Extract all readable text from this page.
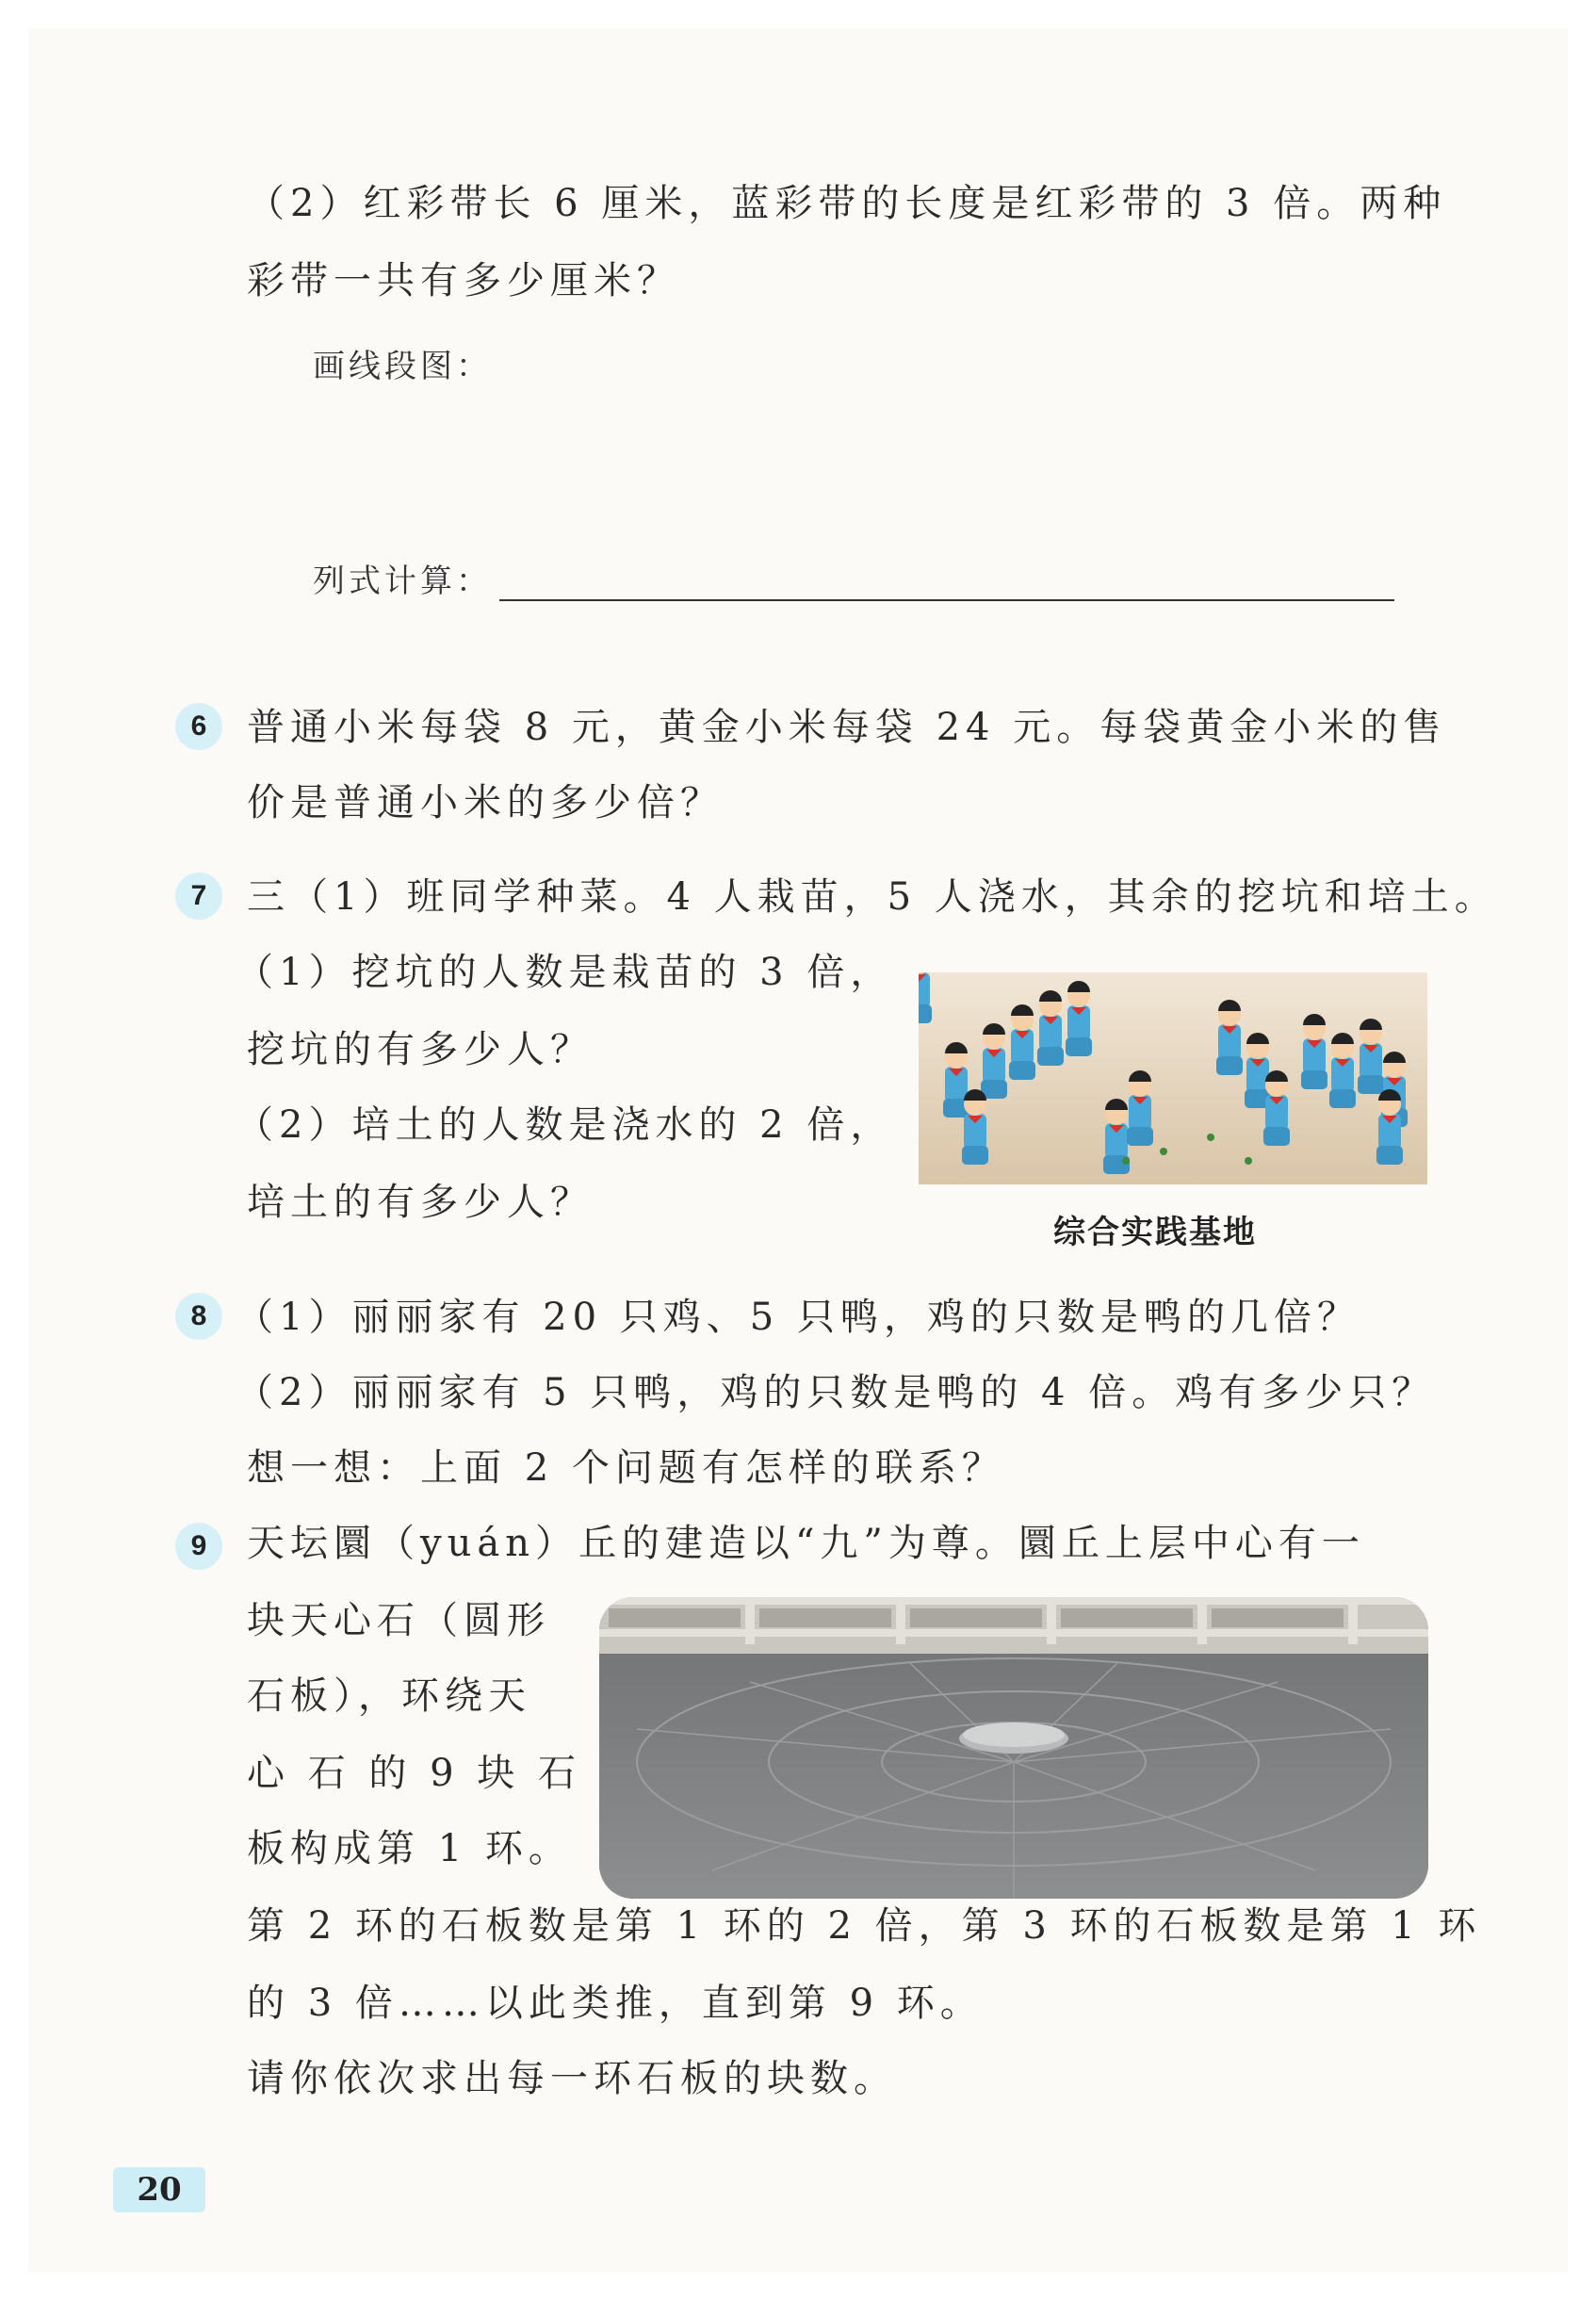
（2）红彩带长 6 厘米，蓝彩带的长度是红彩带的 3 倍。两种
彩带一共有多少厘米？
画线段图：
列式计算：
6	普通小米每袋 8 元，黄金小米每袋 24 元。每袋黄金小米的售
价是普通小米的多少倍？
7	三（1）班同学种菜。4 人栽苗，5 人浇水，其余的挖坑和培土。
（1）挖坑的人数是栽苗的 3 倍，
挖坑的有多少人？
（2）培土的人数是浇水的 2 倍，
培土的有多少人？
综合实践基地
8 （1）丽丽家有 20 只鸡、5 只鸭，鸡的只数是鸭的几倍？
（2）丽丽家有 5 只鸭，鸡的只数是鸭的 4 倍。鸡有多少只？
想一想：上面 2 个问题有怎样的联系？
9	天坛圜（yuán）丘的建造以“九”为尊。圜丘上层中心有一
块天心石（圆形
石板），环绕天
心 石 的 9 块 石
板构成第 1 环。
第 2 环的石板数是第 1 环的 2 倍，第 3 环的石板数是第 1 环
的 3 倍……以此类推，直到第 9 环。
请你依次求出每一环石板的块数。
20
